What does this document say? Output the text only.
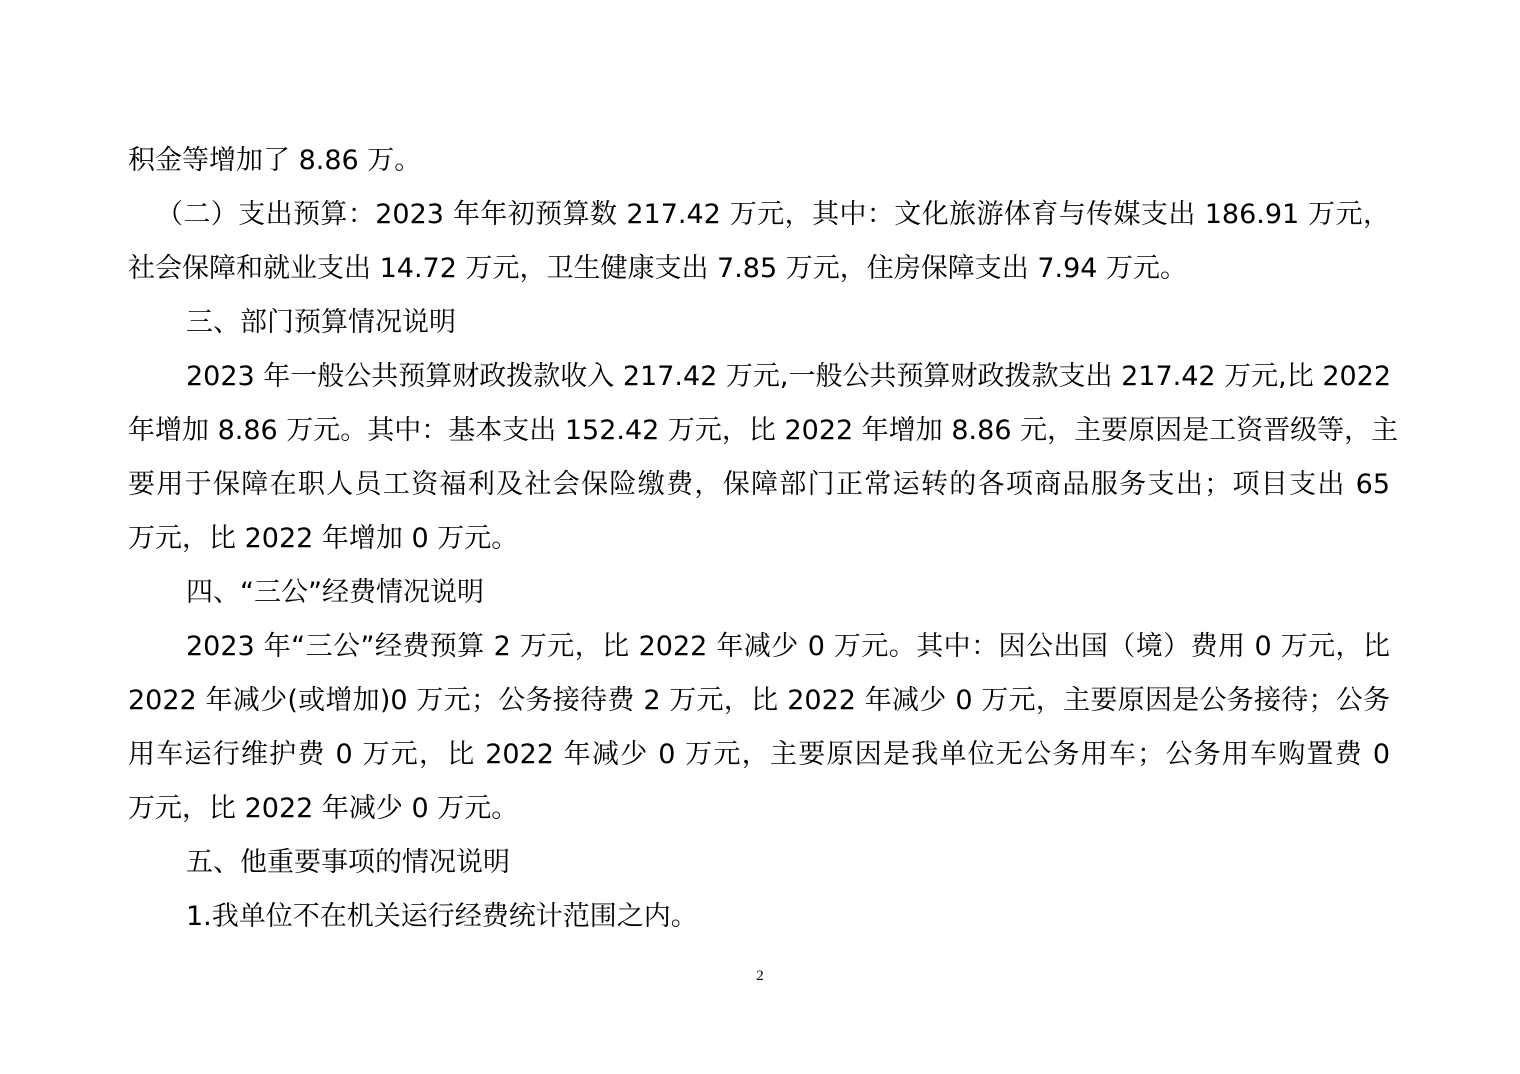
积金等增加了 8.86 万。
（二）支出预算：2023 年年初预算数 217.42 万元，其中：文化旅游体育与传媒支出 186.91 万元，
社会保障和就业支出 14.72 万元，卫生健康支出 7.85 万元，住房保障支出 7.94 万元。
三、部门预算情况说明
2023 年一般公共预算财政拨款收入 217.42 万元,一般公共预算财政拨款支出 217.42 万元,比 2022
年增加 8.86 万元。其中：基本支出 152.42 万元，比 2022 年增加 8.86 元，主要原因是工资晋级等，主
要用于保障在职人员工资福利及社会保险缴费，保障部门正常运转的各项商品服务支出；项目支出 65
万元，比 2022 年增加 0 万元。
四、“三公”经费情况说明
2023 年“三公”经费预算 2 万元，比 2022 年减少 0 万元。其中：因公出国（境）费用 0 万元，比
2022 年减少(或增加)0 万元；公务接待费 2 万元，比 2022 年减少 0 万元，主要原因是公务接待；公务
用车运行维护费 0 万元，比 2022 年减少 0 万元，主要原因是我单位无公务用车；公务用车购置费 0
万元，比 2022 年减少 0 万元。
五、他重要事项的情况说明
1.我单位不在机关运行经费统计范围之内。
2
